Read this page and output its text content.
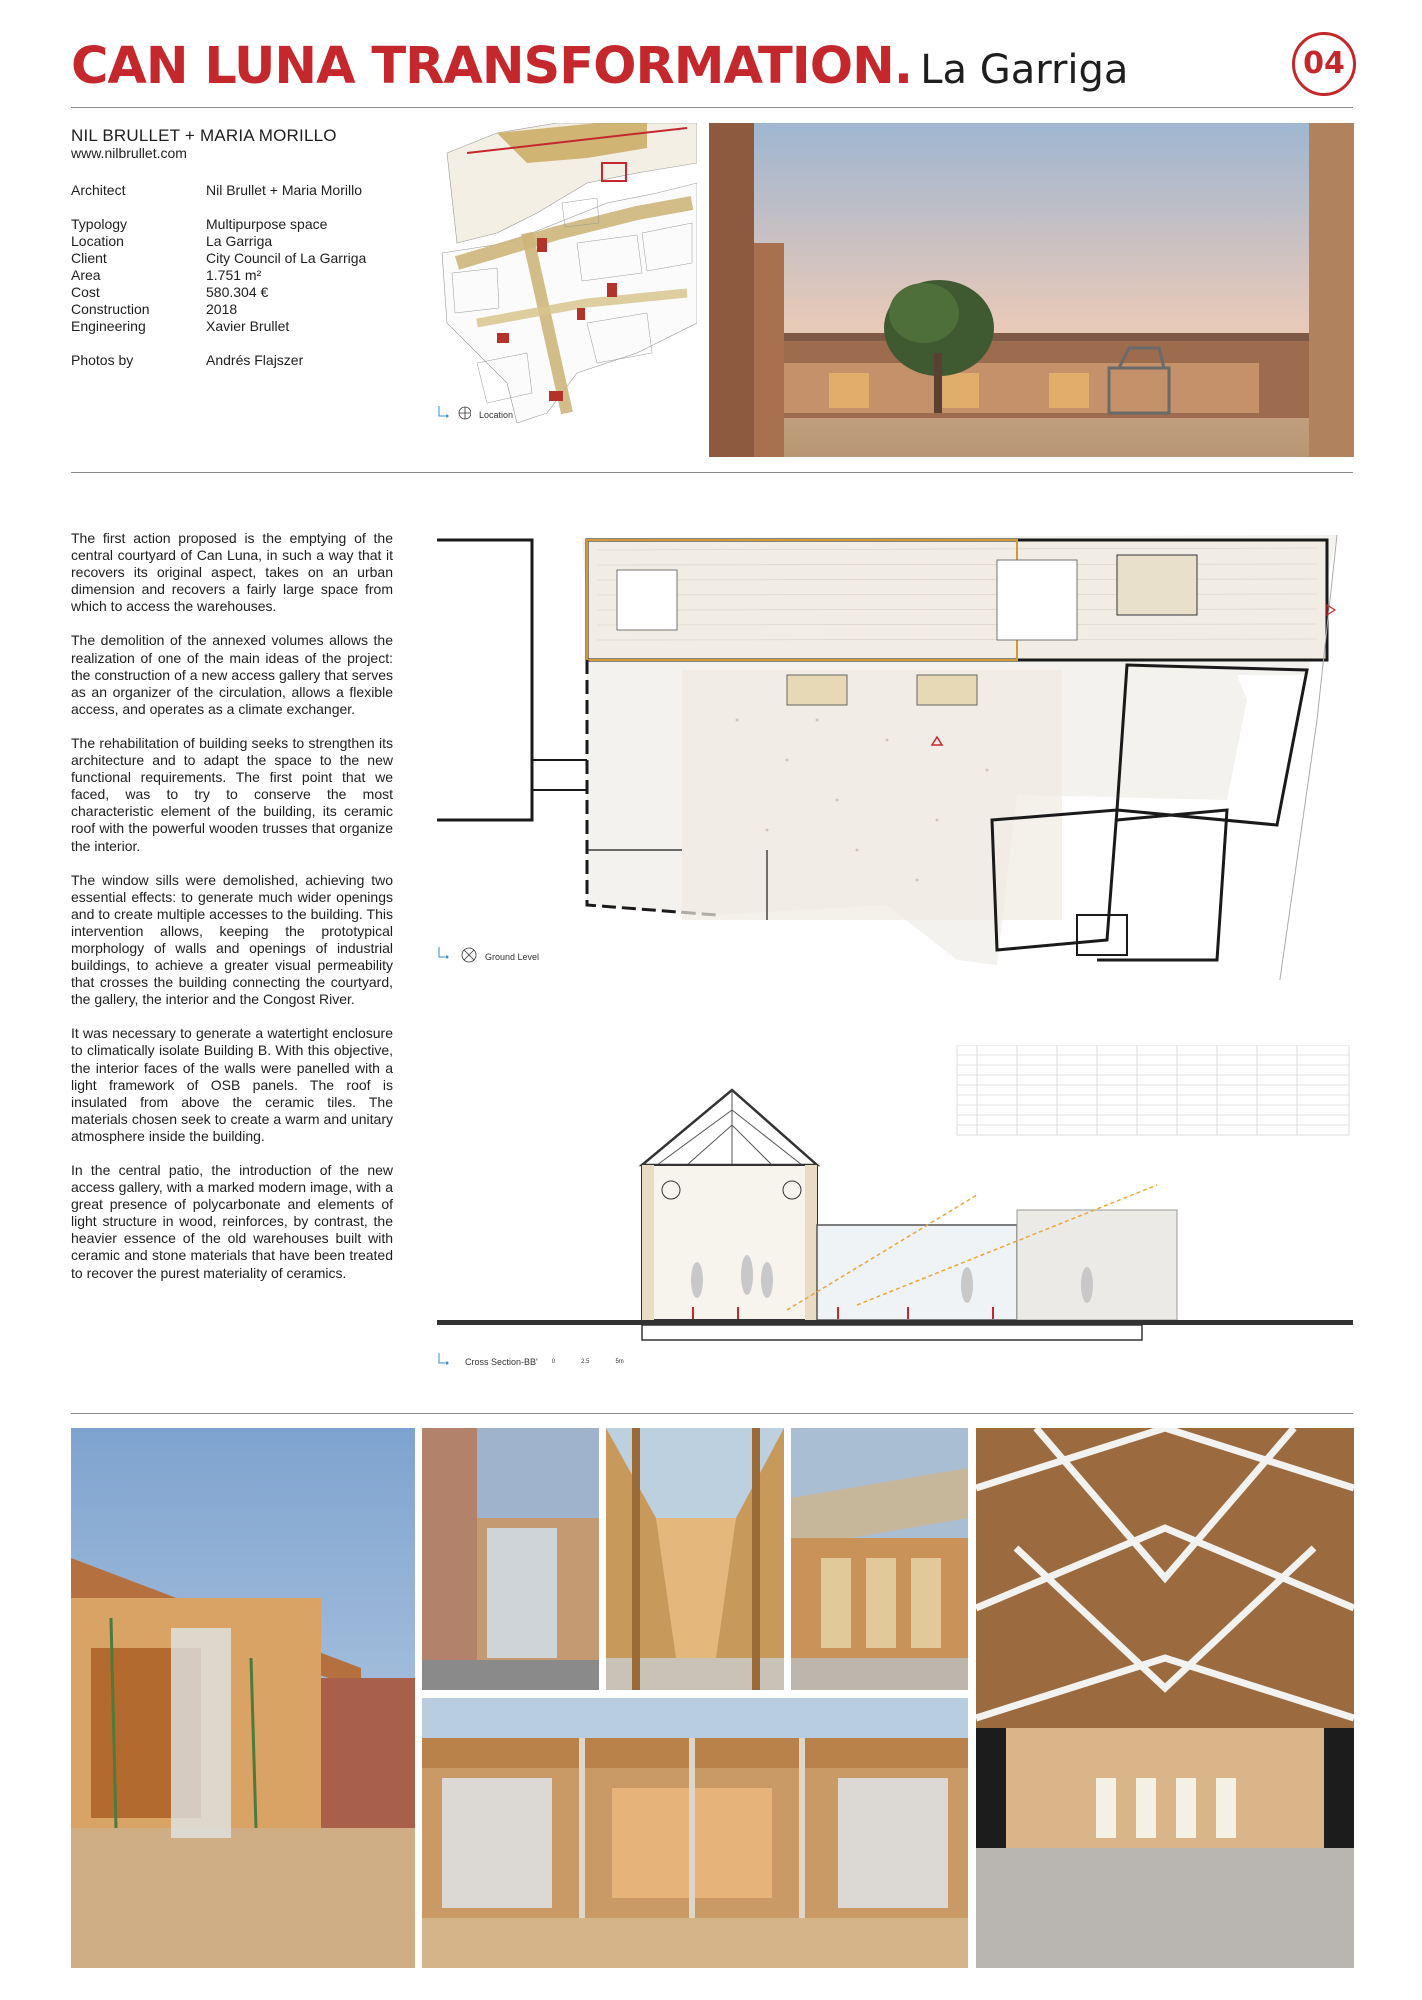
CAN LUNA TRANSFORMATION. La Garriga	04
NIL BRULLET + MARIA MORILLO
www.nilbrullet.com
Architect	Nil Brullet + Maria Morillo
Typology	Multipurpose space
Location	La Garriga
Client	City Council of La Garriga
Area	1.751 m²
Cost	580.304 €
Construction	2018
Engineering	Xavier Brullet
Photos by	Andrés Flajszer
Location

The first action proposed is the emptying of the central courtyard of Can Luna, in such a way that it recovers its original aspect, takes on an urban dimension and recovers a fairly large space from which to access the warehouses.

The demolition of the annexed volumes allows the realization of one of the main ideas of the project: the construction of a new access gallery that serves as an organizer of the circulation, allows a flexible access, and operates as a climate exchanger.

The rehabilitation of building seeks to strengthen its architecture and to adapt the space to the new functional requirements. The first point that we faced, was to try to conserve the most characteristic element of the building, its ceramic roof with the powerful wooden trusses that organize the interior.

The window sills were demolished, achieving two essential effects: to generate much wider openings and to create multiple accesses to the building. This intervention allows, keeping the prototypical morphology of walls and openings of industrial buildings, to achieve a greater visual permeability that crosses the building connecting the courtyard, the gallery, the interior and the Congost River.

It was necessary to generate a watertight enclosure to climatically isolate Building B. With this objective, the interior faces of the walls were panelled with a light framework of OSB panels. The roof is insulated from above the ceramic tiles. The materials chosen seek to create a warm and unitary atmosphere inside the building.

In the central patio, the introduction of the new access gallery, with a marked modern image, with a great presence of polycarbonate and elements of light structure in wood, reinforces, by contrast, the heavier essence of the old warehouses built with ceramic and stone materials that have been treated to recover the purest materiality of ceramics.

Ground Level
Cross Section-BB' 0	2.5	5m
